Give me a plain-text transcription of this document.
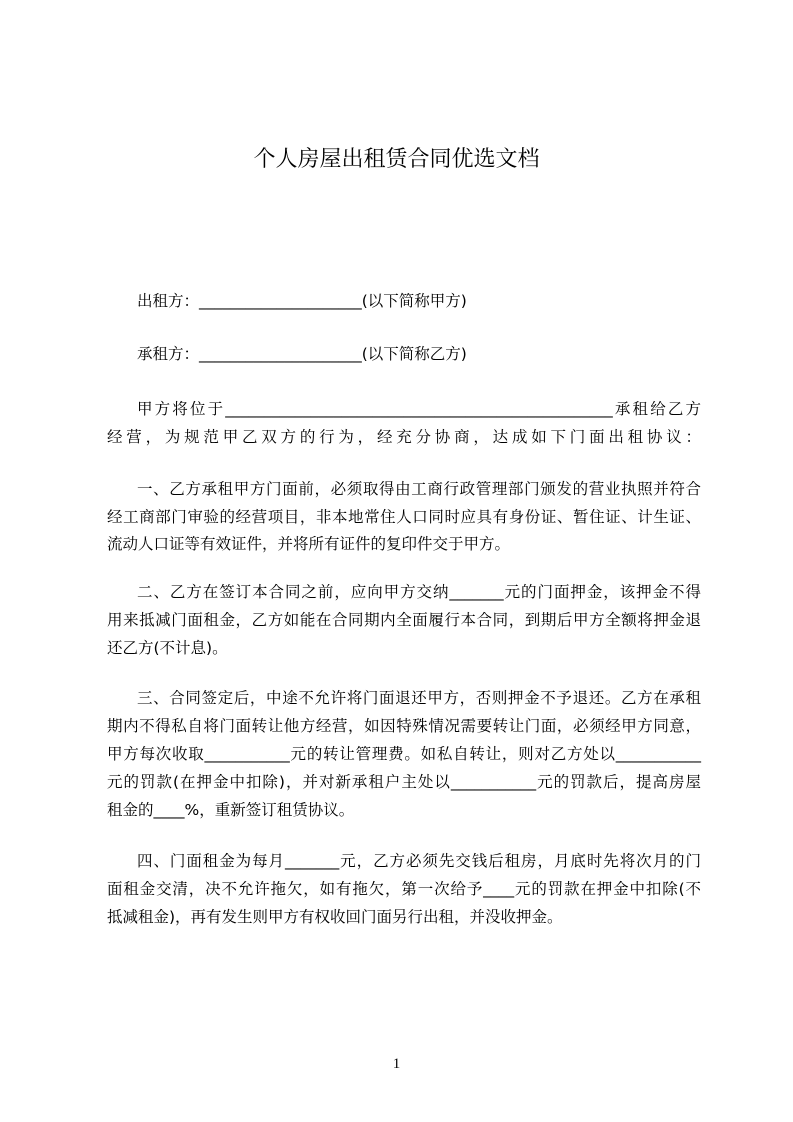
个人房屋出租赁合同优选文档
出租方：_____________________(以下简称甲方)
承租方：_____________________(以下简称乙方)
甲方将位于__________________________________________________承租给乙方
经营，为规范甲乙双方的行为，经充分协商，达成如下门面出租协议：
一、乙方承租甲方门面前，必须取得由工商行政管理部门颁发的营业执照并符合
经工商部门审验的经营项目，非本地常住人口同时应具有身份证、暂住证、计生证、
流动人口证等有效证件，并将所有证件的复印件交于甲方。
二、乙方在签订本合同之前，应向甲方交纳_______元的门面押金，该押金不得
用来抵减门面租金，乙方如能在合同期内全面履行本合同，到期后甲方全额将押金退
还乙方(不计息)。
三、合同签定后，中途不允许将门面退还甲方，否则押金不予退还。乙方在承租
期内不得私自将门面转让他方经营，如因特殊情况需要转让门面，必须经甲方同意，
甲方每次收取___________元的转让管理费。如私自转让，则对乙方处以___________
元的罚款(在押金中扣除)，并对新承租户主处以___________元的罚款后，提高房屋
租金的____%，重新签订租赁协议。
四、门面租金为每月_______元，乙方必须先交钱后租房，月底时先将次月的门
面租金交清，决不允许拖欠，如有拖欠，第一次给予____元的罚款在押金中扣除(不
抵减租金)，再有发生则甲方有权收回门面另行出租，并没收押金。
1
